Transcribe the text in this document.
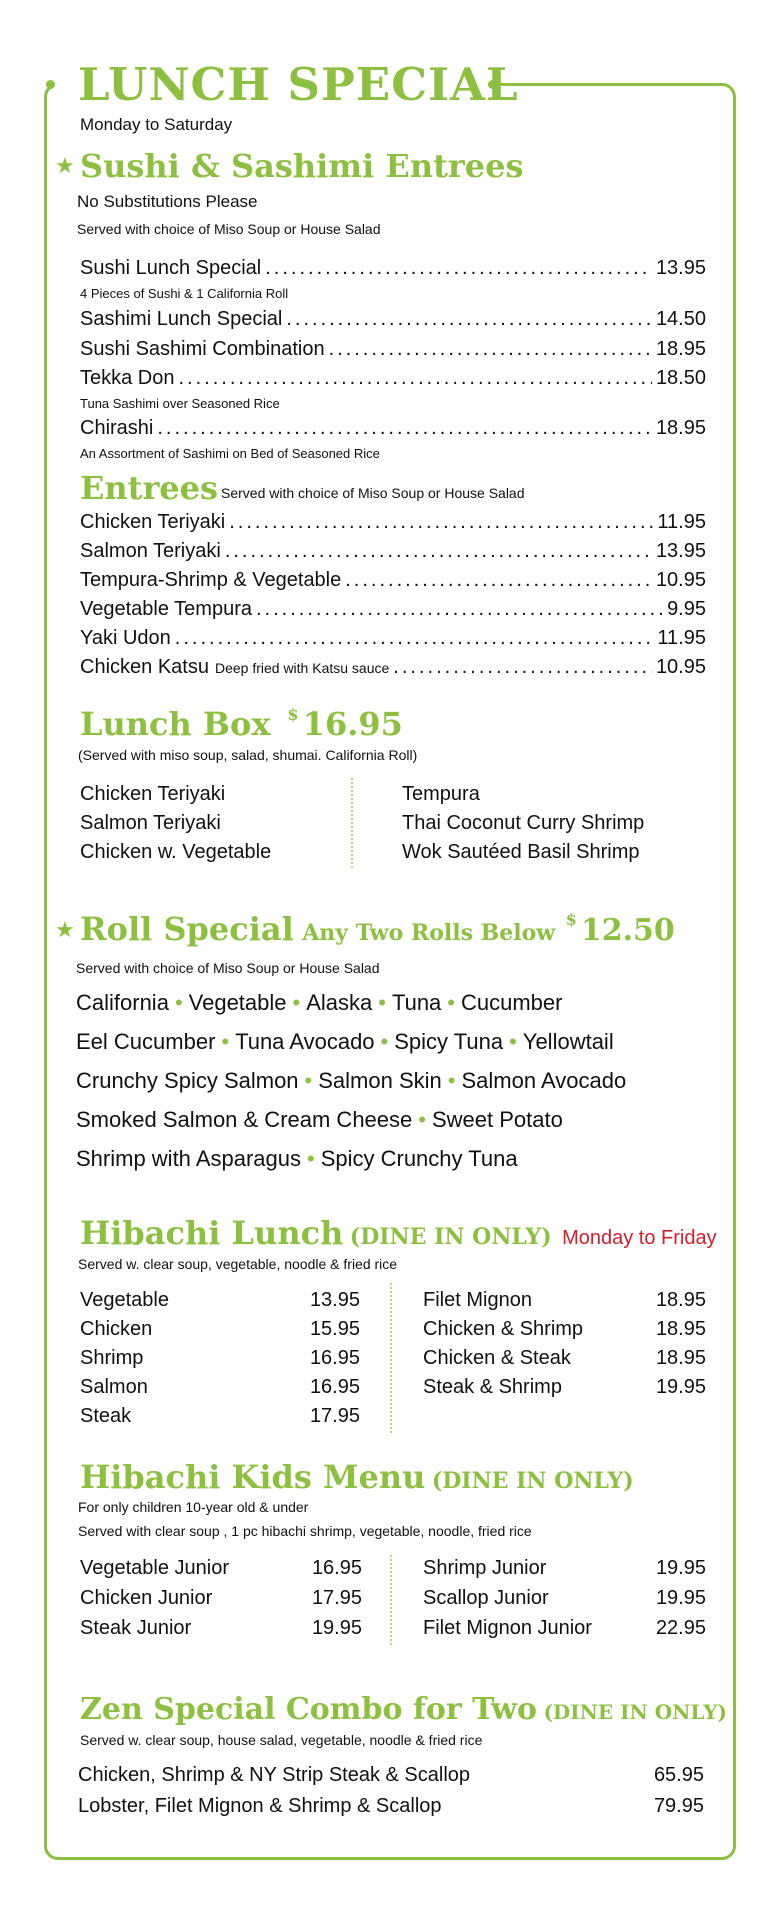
LUNCH SPECIAL
Monday to Saturday
★ Sushi & Sashimi Entrees
No Substitutions Please
Served with choice of Miso Soup or House Salad
Sushi Lunch Special .....	13.95
4 Pieces of Sushi & 1 California Roll
Sashimi Lunch Special .....	14.50
Sushi Sashimi Combination .....	18.95
Tekka Don .....	18.50
Tuna Sashimi over Seasoned Rice
Chirashi .....	18.95
An Assortment of Sashimi on Bed of Seasoned Rice
Entrees Served with choice of Miso Soup or House Salad
Chicken Teriyaki .....	11.95
Salmon Teriyaki .....	13.95
Tempura-Shrimp & Vegetable .....	10.95
Vegetable Tempura .....	9.95
Yaki Udon .....	11.95
Chicken Katsu Deep fried with Katsu sauce .....	10.95
Lunch Box $ 16.95
(Served with miso soup, salad, shumai. California Roll)
Chicken Teriyaki
Salmon Teriyaki
Chicken w. Vegetable
Tempura
Thai Coconut Curry Shrimp
Wok Sautéed Basil Shrimp
★ Roll Special Any Two Rolls Below $ 12.50
Served with choice of Miso Soup or House Salad
California • Vegetable • Alaska • Tuna • Cucumber
Eel Cucumber • Tuna Avocado • Spicy Tuna • Yellowtail
Crunchy Spicy Salmon • Salmon Skin • Salmon Avocado
Smoked Salmon & Cream Cheese • Sweet Potato
Shrimp with Asparagus • Spicy Crunchy Tuna
Hibachi Lunch (DINE IN ONLY) Monday to Friday
Served w. clear soup, vegetable, noodle & fried rice
Vegetable	13.95
Chicken	15.95
Shrimp	16.95
Salmon	16.95
Steak	17.95
Filet Mignon	18.95
Chicken & Shrimp	18.95
Chicken & Steak	18.95
Steak & Shrimp	19.95
Hibachi Kids Menu (DINE IN ONLY)
For only children 10-year old & under
Served with clear soup , 1 pc hibachi shrimp, vegetable, noodle, fried rice
Vegetable Junior	16.95
Chicken Junior	17.95
Steak Junior	19.95
Shrimp Junior	19.95
Scallop Junior	19.95
Filet Mignon Junior	22.95
Zen Special Combo for Two (DINE IN ONLY)
Served w. clear soup, house salad, vegetable, noodle & fried rice
Chicken, Shrimp & NY Strip Steak & Scallop	65.95
Lobster, Filet Mignon & Shrimp & Scallop	79.95
